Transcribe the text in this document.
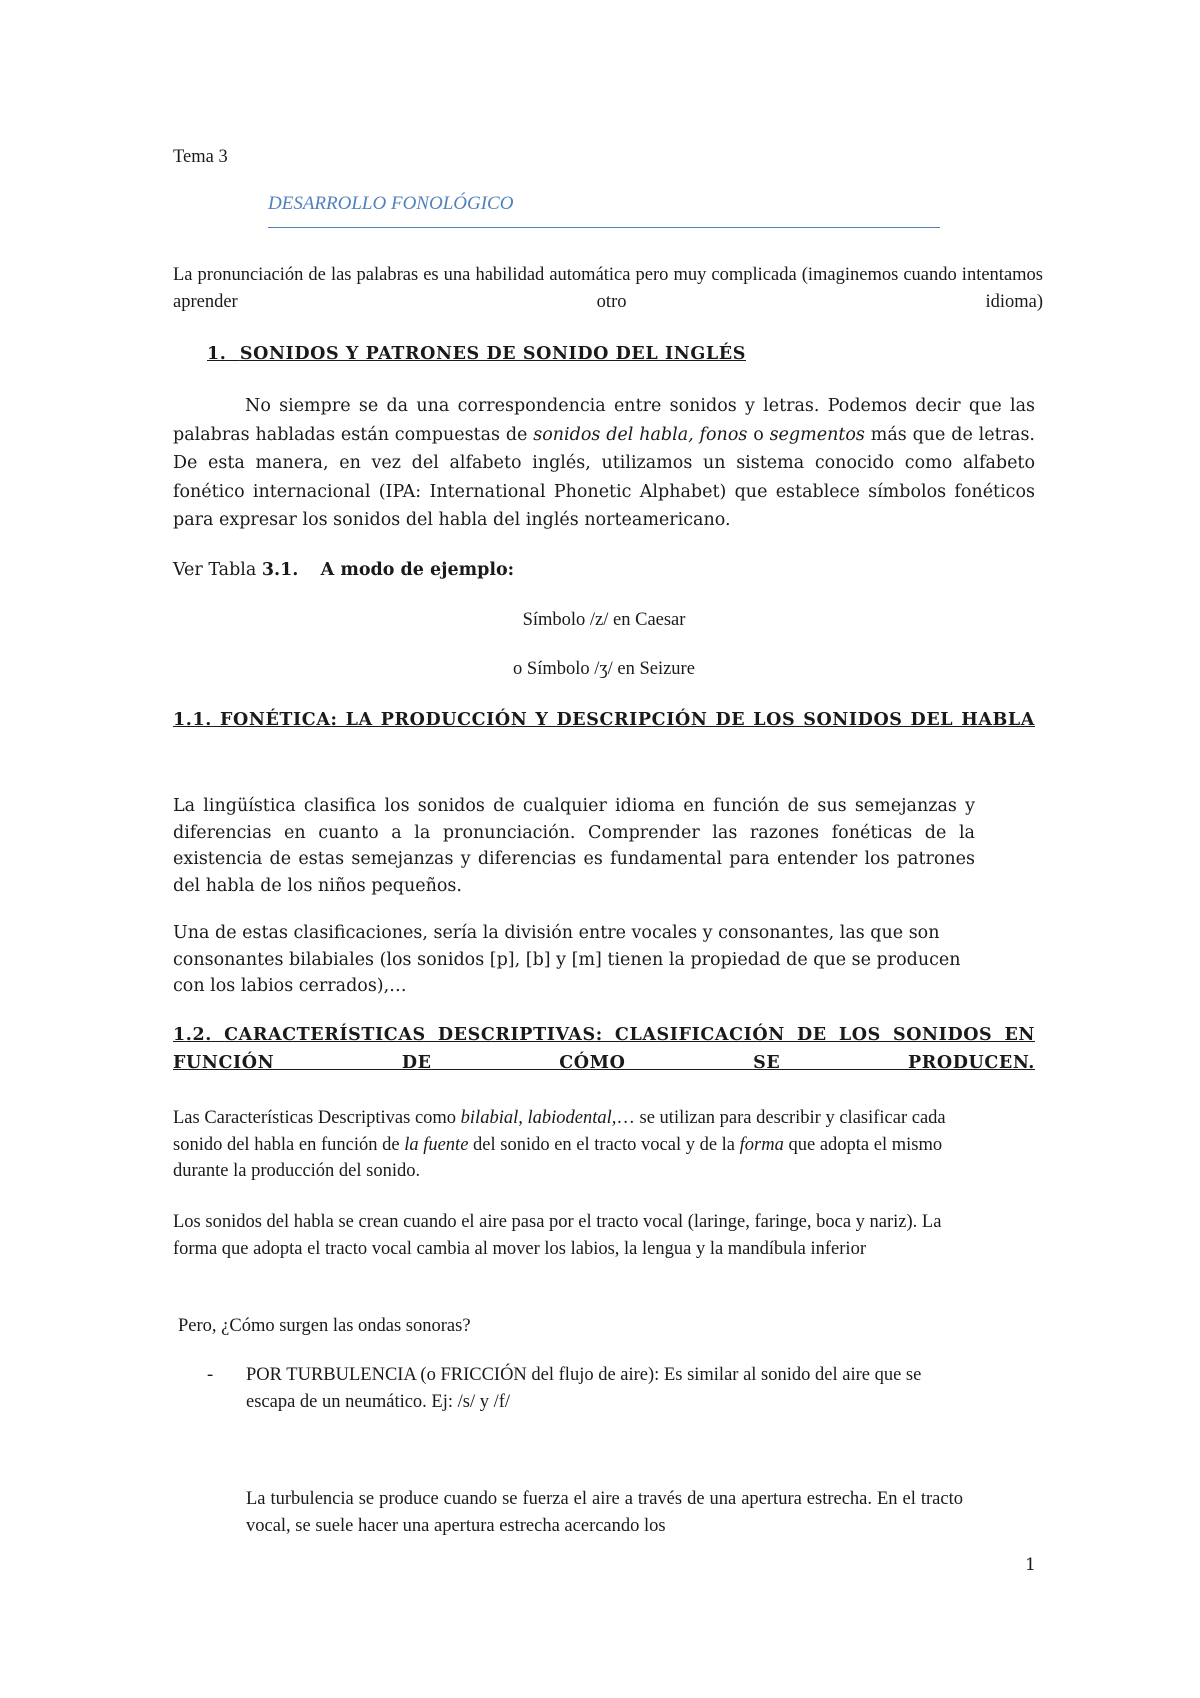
Tema 3

DESARROLLO FONOLÓGICO

La pronunciación de las palabras es una habilidad automática pero muy complicada (imaginemos cuando intentamos aprender otro idioma)

1. SONIDOS Y PATRONES DE SONIDO DEL INGLÉS

No siempre se da una correspondencia entre sonidos y letras. Podemos decir que las palabras habladas están compuestas de sonidos del habla, fonos o segmentos más que de letras. De esta manera, en vez del alfabeto inglés, utilizamos un sistema conocido como alfabeto fonético internacional (IPA: International Phonetic Alphabet) que establece símbolos fonéticos para expresar los sonidos del habla del inglés norteamericano.

Ver Tabla 3.1. A modo de ejemplo:

Símbolo /z/ en Caesar

o Símbolo /ʒ/ en Seizure

1.1. FONÉTICA: LA PRODUCCIÓN Y DESCRIPCIÓN DE LOS SONIDOS DEL HABLA

La lingüística clasifica los sonidos de cualquier idioma en función de sus semejanzas y diferencias en cuanto a la pronunciación. Comprender las razones fonéticas de la existencia de estas semejanzas y diferencias es fundamental para entender los patrones del habla de los niños pequeños.

Una de estas clasificaciones, sería la división entre vocales y consonantes, las que son consonantes bilabiales (los sonidos [p], [b] y [m] tienen la propiedad de que se producen con los labios cerrados),…

1.2. CARACTERÍSTICAS DESCRIPTIVAS: CLASIFICACIÓN DE LOS SONIDOS EN FUNCIÓN DE CÓMO SE PRODUCEN.

Las Características Descriptivas como bilabial, labiodental,… se utilizan para describir y clasificar cada sonido del habla en función de la fuente del sonido en el tracto vocal y de la forma que adopta el mismo durante la producción del sonido.

Los sonidos del habla se crean cuando el aire pasa por el tracto vocal (laringe, faringe, boca y nariz). La forma que adopta el tracto vocal cambia al mover los labios, la lengua y la mandíbula inferior

Pero, ¿Cómo surgen las ondas sonoras?

-	POR TURBULENCIA (o FRICCIÓN del flujo de aire): Es similar al sonido del aire que se escapa de un neumático. Ej: /s/ y /f/

La turbulencia se produce cuando se fuerza el aire a través de una apertura estrecha. En el tracto vocal, se suele hacer una apertura estrecha acercando los

1
